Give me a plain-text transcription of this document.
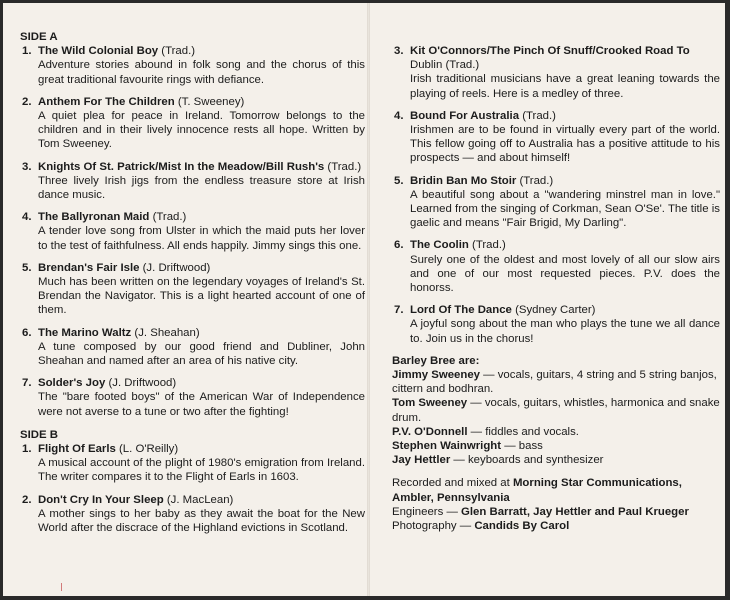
SIDE A

1. The Wild Colonial Boy (Trad.)
Adventure stories abound in folk song and the chorus of this great traditional favourite rings with defiance.
2. Anthem For The Children (T. Sweeney)
A quiet plea for peace in Ireland. Tomorrow belongs to the children and in their lively innocence rests all hope. Written by Tom Sweeney.
3. Knights Of St. Patrick/Mist In the Meadow/Bill Rush's (Trad.)
Three lively Irish jigs from the endless treasure store at Irish dance music.
4. The Ballyronan Maid (Trad.)
A tender love song from Ulster in which the maid puts her lover to the test of faithfulness. All ends happily. Jimmy sings this one.
5. Brendan's Fair Isle (J. Driftwood)
Much has been written on the legendary voyages of Ireland's St. Brendan the Navigator. This is a light hearted account of one of them.
6. The Marino Waltz (J. Sheahan)
A tune composed by our good friend and Dubliner, John Sheahan and named after an area of his native city.
7. Solder's Joy (J. Driftwood)
The "bare footed boys" of the American War of Independence were not averse to a tune or two after the fighting!

SIDE B

1. Flight Of Earls (L. O'Reilly)
A musical account of the plight of 1980's emigration from Ireland. The writer compares it to the Flight of Earls in 1603.
2. Don't Cry In Your Sleep (J. MacLean)
A mother sings to her baby as they await the boat for the New World after the discrace of the Highland evictions in Scotland.
3. Kit O'Connors/The Pinch Of Snuff/Crooked Road To
Dublin (Trad.)
Irish traditional musicians have a great leaning towards the playing of reels. Here is a medley of three.
4. Bound For Australia (Trad.)
Irishmen are to be found in virtually every part of the world. This fellow going off to Australia has a positive attitude to his prospects — and about himself!
5. Bridin Ban Mo Stoir (Trad.)
A beautiful song about a "wandering minstrel man in love." Learned from the singing of Corkman, Sean O'Se'. The title is gaelic and means "Fair Brigid, My Darling".
6. The Coolin (Trad.)
Surely one of the oldest and most lovely of all our slow airs and one of our most requested pieces. P.V. does the honorss.
7. Lord Of The Dance (Sydney Carter)
A joyful song about the man who plays the tune we all dance to. Join us in the chorus!

Barley Bree are:

Jimmy Sweeney — vocals, guitars, 4 string and 5 string banjos, cittern and bodhran.

Tom Sweeney — vocals, guitars, whistles, harmonica and snake drum.

P.V. O'Donnell — fiddles and vocals.

Stephen Wainwright — bass

Jay Hettler — keyboards and synthesizer

Recorded and mixed at Morning Star Communications, Ambler, Pennsylvania

Engineers — Glen Barratt, Jay Hettler and Paul Krueger

Photography — Candids By Carol
